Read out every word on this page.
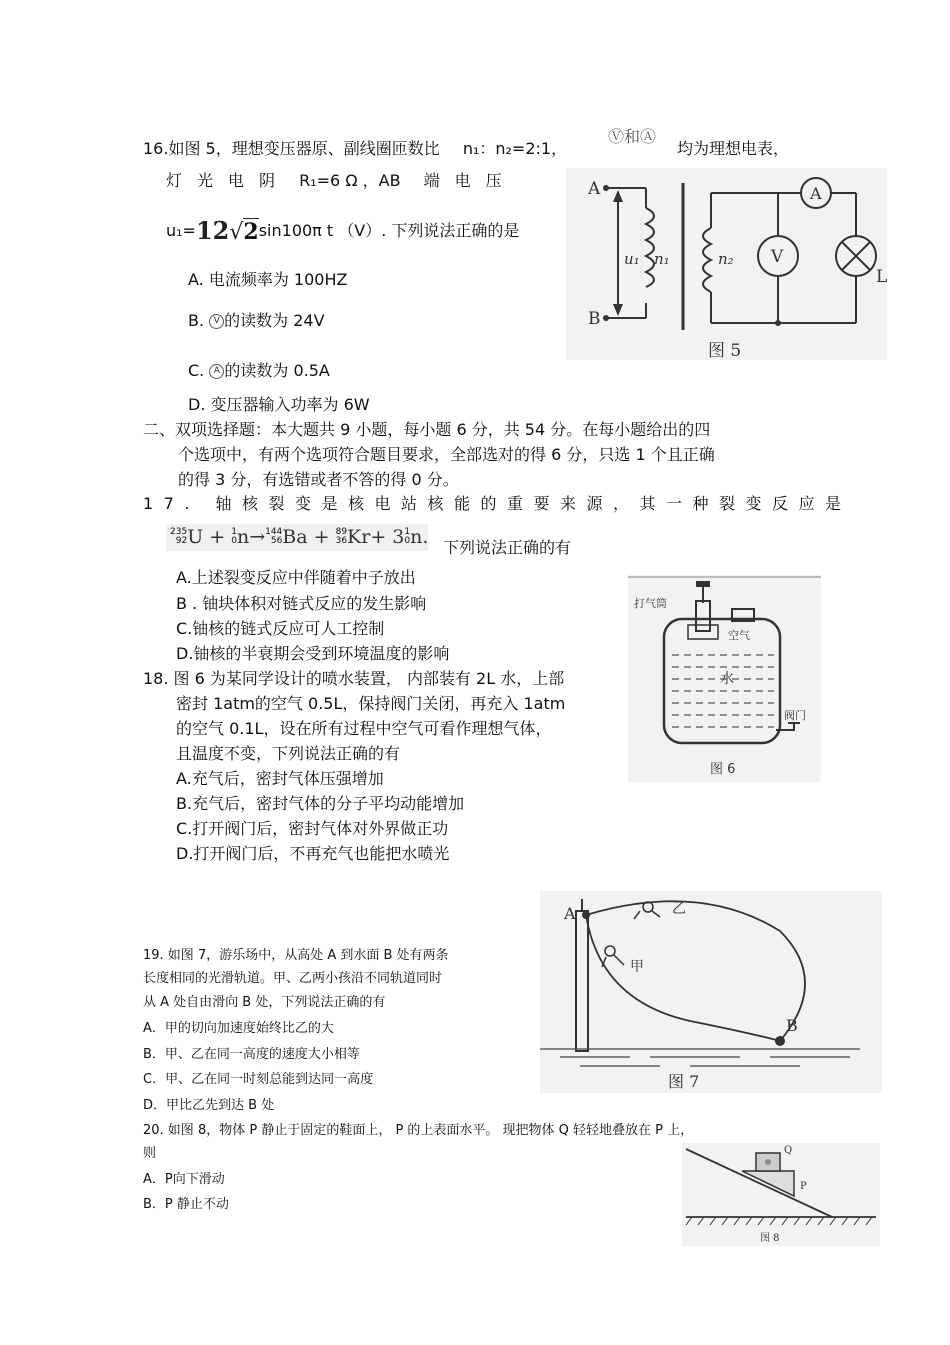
16.如图 5，理想变压器原、副线圈匝数比 n₁：n₂=2:1，
Ⓥ和Ⓐ
均为理想电表，
灯光电阴 R₁=6 Ω ，AB 端电压
u₁=12√2sin100π t （V）. 下列说法正确的是
A. 电流频率为 100HZ
B. V 的读数为 24V
C. A 的读数为 0.5A
D. 变压器输入功率为 6W
A
B
u₁ n₁	n₂
A
V
L
图 5
二、双项选择题：本大题共 9 小题，每小题 6 分，共 54 分。在每小题给出的四
个选项中，有两个选项符合题目要求，全部选对的得 6 分，只选 1 个且正确
的得 3 分，有选错或者不答的得 0 分。
17. 轴核裂变是核电站核能的重要来源，其一种裂变反应是
235
92 U + 1
0 n→ 144
56 Ba + 89
36 Kr+ 3 1
0 n. 下列说法正确的有
A.上述裂变反应中伴随着中子放出
B . 铀块体积对链式反应的发生影响
C.铀核的链式反应可人工控制
D.铀核的半衰期会受到环境温度的影响
打气筒
空气
水
阀门
图 6
18. 图 6 为某同学设计的喷水装置， 内部装有 2L 水，上部
密封 1atm的空气 0.5L，保持阀门关闭，再充入 1atm
的空气 0.1L，设在所有过程中空气可看作理想气体，
且温度不变，下列说法正确的有
A.充气后，密封气体压强增加
B.充气后，密封气体的分子平均动能增加
C.打开阀门后，密封气体对外界做正功
D.打开阀门后，不再充气也能把水喷光
A
B
乙
甲
图 7
19. 如图 7，游乐场中，从高处 A 到水面 B 处有两条
长度相同的光滑轨道。甲、乙两小孩沿不同轨道同时
从 A 处自由滑向 B 处，下列说法正确的有
A．甲的切向加速度始终比乙的大
B．甲、乙在同一高度的速度大小相等
C．甲、乙在同一时刻总能到达同一高度
D．甲比乙先到达 B 处
20. 如图 8，物体 P 静止于固定的鞋面上， P 的上表面水平。 现把物体 Q 轻轻地叠放在 P 上，
则
A．P向下滑动
B．P 静止不动
Q
P
图 8
